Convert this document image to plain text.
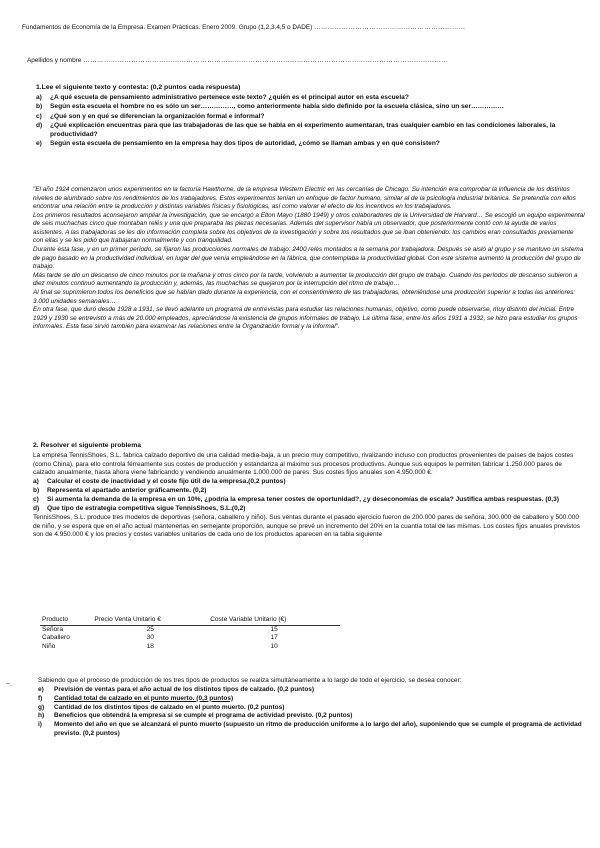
Fundamentos de Economía de la Empresa. Examen Prácticas. Enero 2009. Grupo (1,2,3,4,5 o DADE) …………………………………………………………
Apellidos y nombre ……………………………………………………………………………………………………………………………………………
1.Lee el siguiente texto y contesta: (0,2 puntos cada respuesta)
a)	¿A qué escuela de pensamiento administrativo pertenece este texto? ¿quién es el principal autor en esta escuela?
b)	Según esta escuela el hombre no es sólo un ser……………, como anteriormente había sido definido por la escuela clásica, sino un ser……………
c)	¿Qué son y en qué se diferencian la organización formal e informal?
d)	¿Qué explicación encuentras para que las trabajadoras de las que se habla en el experimento aumentaran, tras cualquier cambio en las condiciones laborales, la productividad?
e)	Según esta escuela de pensamiento en la empresa hay dos tipos de autoridad, ¿cómo se llaman ambas y en qué consisten?

"El año 1924 comenzaron unos experimentos en la factoría Hawthorne, de la empresa Western Electric en las cercanías de Chicago. Su intención era comprobar la influencia de los distintos niveles de alumbrado sobre los rendimientos de los trabajadores. Estos experimentos tenían un enfoque de factor humano, similar al de la psicología industrial británica. Se pretendía con ellos encontrar una relación entre la producción y distintas variables físicas y fisiológicas, así como valorar el efecto de los incentivos en los trabajadores.

Los primeros resultados aconsejaron ampliar la investigación, que se encargó a Elton Mayo (1880 1949) y otros colaboradores de la Universidad de Harvard… Se escogió un equipo experimental de seis muchachas cinco que montaban relés y una que preparaba las piezas necesarias. Además del supervisor había un observador, que posteriormente contó con la ayuda de varios asistentes. A las trabajadoras se les dio información completa sobre los objetivos de la investigación y sobre los resultados que se iban obteniendo: los cambios eran consultados previamente con ellas y se les pidió que trabajaran normalmente y con tranquilidad.

Durante esta fase, y en un primer período, se fijaron las producciones normales de trabajo: 2400 relés montados a la semana por trabajadora. Después se aisló al grupo y se mantuvo un sistema de pago basado en la productividad individual, en lugar del que venía empleándose en la fábrica, que contemplaba la productividad global. Con este sistema aumentó la producción del grupo de trabajo.

Más tarde se dio un descanso de cinco minutos por la mañana y otros cinco por la tarde, volviendo a aumentar la producción del grupo de trabajo. Cuando los períodos de descanso subieron a diez minutos continuó aumentando la producción y, además, las muchachas se quejaron por la interrupción del ritmo de trabajo…

Al final se suprimieron todos los beneficios que se habían dado durante la experiencia, con el consentimiento de las trabajadoras, obteniéndose una producción superior a todas las anteriores: 3.000 unidades semanales…

En otra fase, que duró desde 1928 a 1931, se llevó adelante un programa de entrevistas para estudiar las relaciones humanas, objetivo, como puede observarse, muy distinto del inicial. Entre 1929 y 1930 se entrevistó a más de 20.000 empleados, apreciándose la existencia de grupos informales de trabajo. La última fase, entre los años 1931 a 1932, se hizo para estudiar los grupos informales. Esta fase sirvió también para examinar las relaciones entre la Organización formal y la informal".

2. Resolver el siguiente problema
La empresa TennisShoes, S.L. fabrica calzado deportivo de una calidad media-baja, a un precio muy competitivo, rivalizando incluso con productos provenientes de países de bajos costes (como China), para ello controla férreamente sus costes de producción y estandariza al máximo sus procesos productivos. Aunque sus equipos le permiten fabricar 1.250.000 pares de calzado anualmente, hasta ahora viene fabricando y vendiendo anualmente 1.000.000 de pares. Sus costes fijos anuales son 4.950.000 €.
a)	Calcular el coste de inactividad y el coste fijo útil de la empresa.(0,2 puntos)
b)	Representa el apartado anterior gráficamente. (0,2)
c)	Si aumenta la demanda de la empresa en un 10%, ¿podría la empresa tener costes de oportunidad?, ¿y deseconomías de escala? Justifica ambas respuestas. (0,3)
d)	Que tipo de estrategia competitiva sigue TennisShoes, S.L.(0,2)
TennisShoes, S.L. produce tres modelos de deportivas (señora, caballero y niño). Sus ventas durante el pasado ejercicio fueron de 200.000 pares de señora, 300.000 de caballero y 500.000 de niño, y se espera que en el año actual mantenerlas en semejante proporción, aunque se prevé un incremento del 20% en la cuantía total de las mismas. Los costes fijos anuales previstos son de 4.950.000 € y los precios y costes variables unitarios de cada uno de los productos aparecen en la tabla siguiente
Producto	Precio Venta Unitario €	Coste Variable Unitario (€)
Señora	25	15
Caballero	30	17
Niño	18	10
~.
Sabiendo que el proceso de producción de los tres tipos de productos se realiza simultáneamente a lo largo de todo el ejercicio, se desea conocer:
e)	Previsión de ventas para el año actual de los distintos tipos de calzado. (0,2 puntos)
f)	Cantidad total de calzado en el punto muerto. (0,3 puntos)
g)	Cantidad de los distintos tipos de calzado en el punto muerto. (0,2 puntos)
h)	Beneficios que obtendrá la empresa si se cumple el programa de actividad previsto. (0,2 puntos)
i)	Momento del año en que se alcanzará el punto muerto (supuesto un ritmo de producción uniforme a lo largo del año), suponiendo que se cumple el programa de actividad previsto. (0,2 puntos)
